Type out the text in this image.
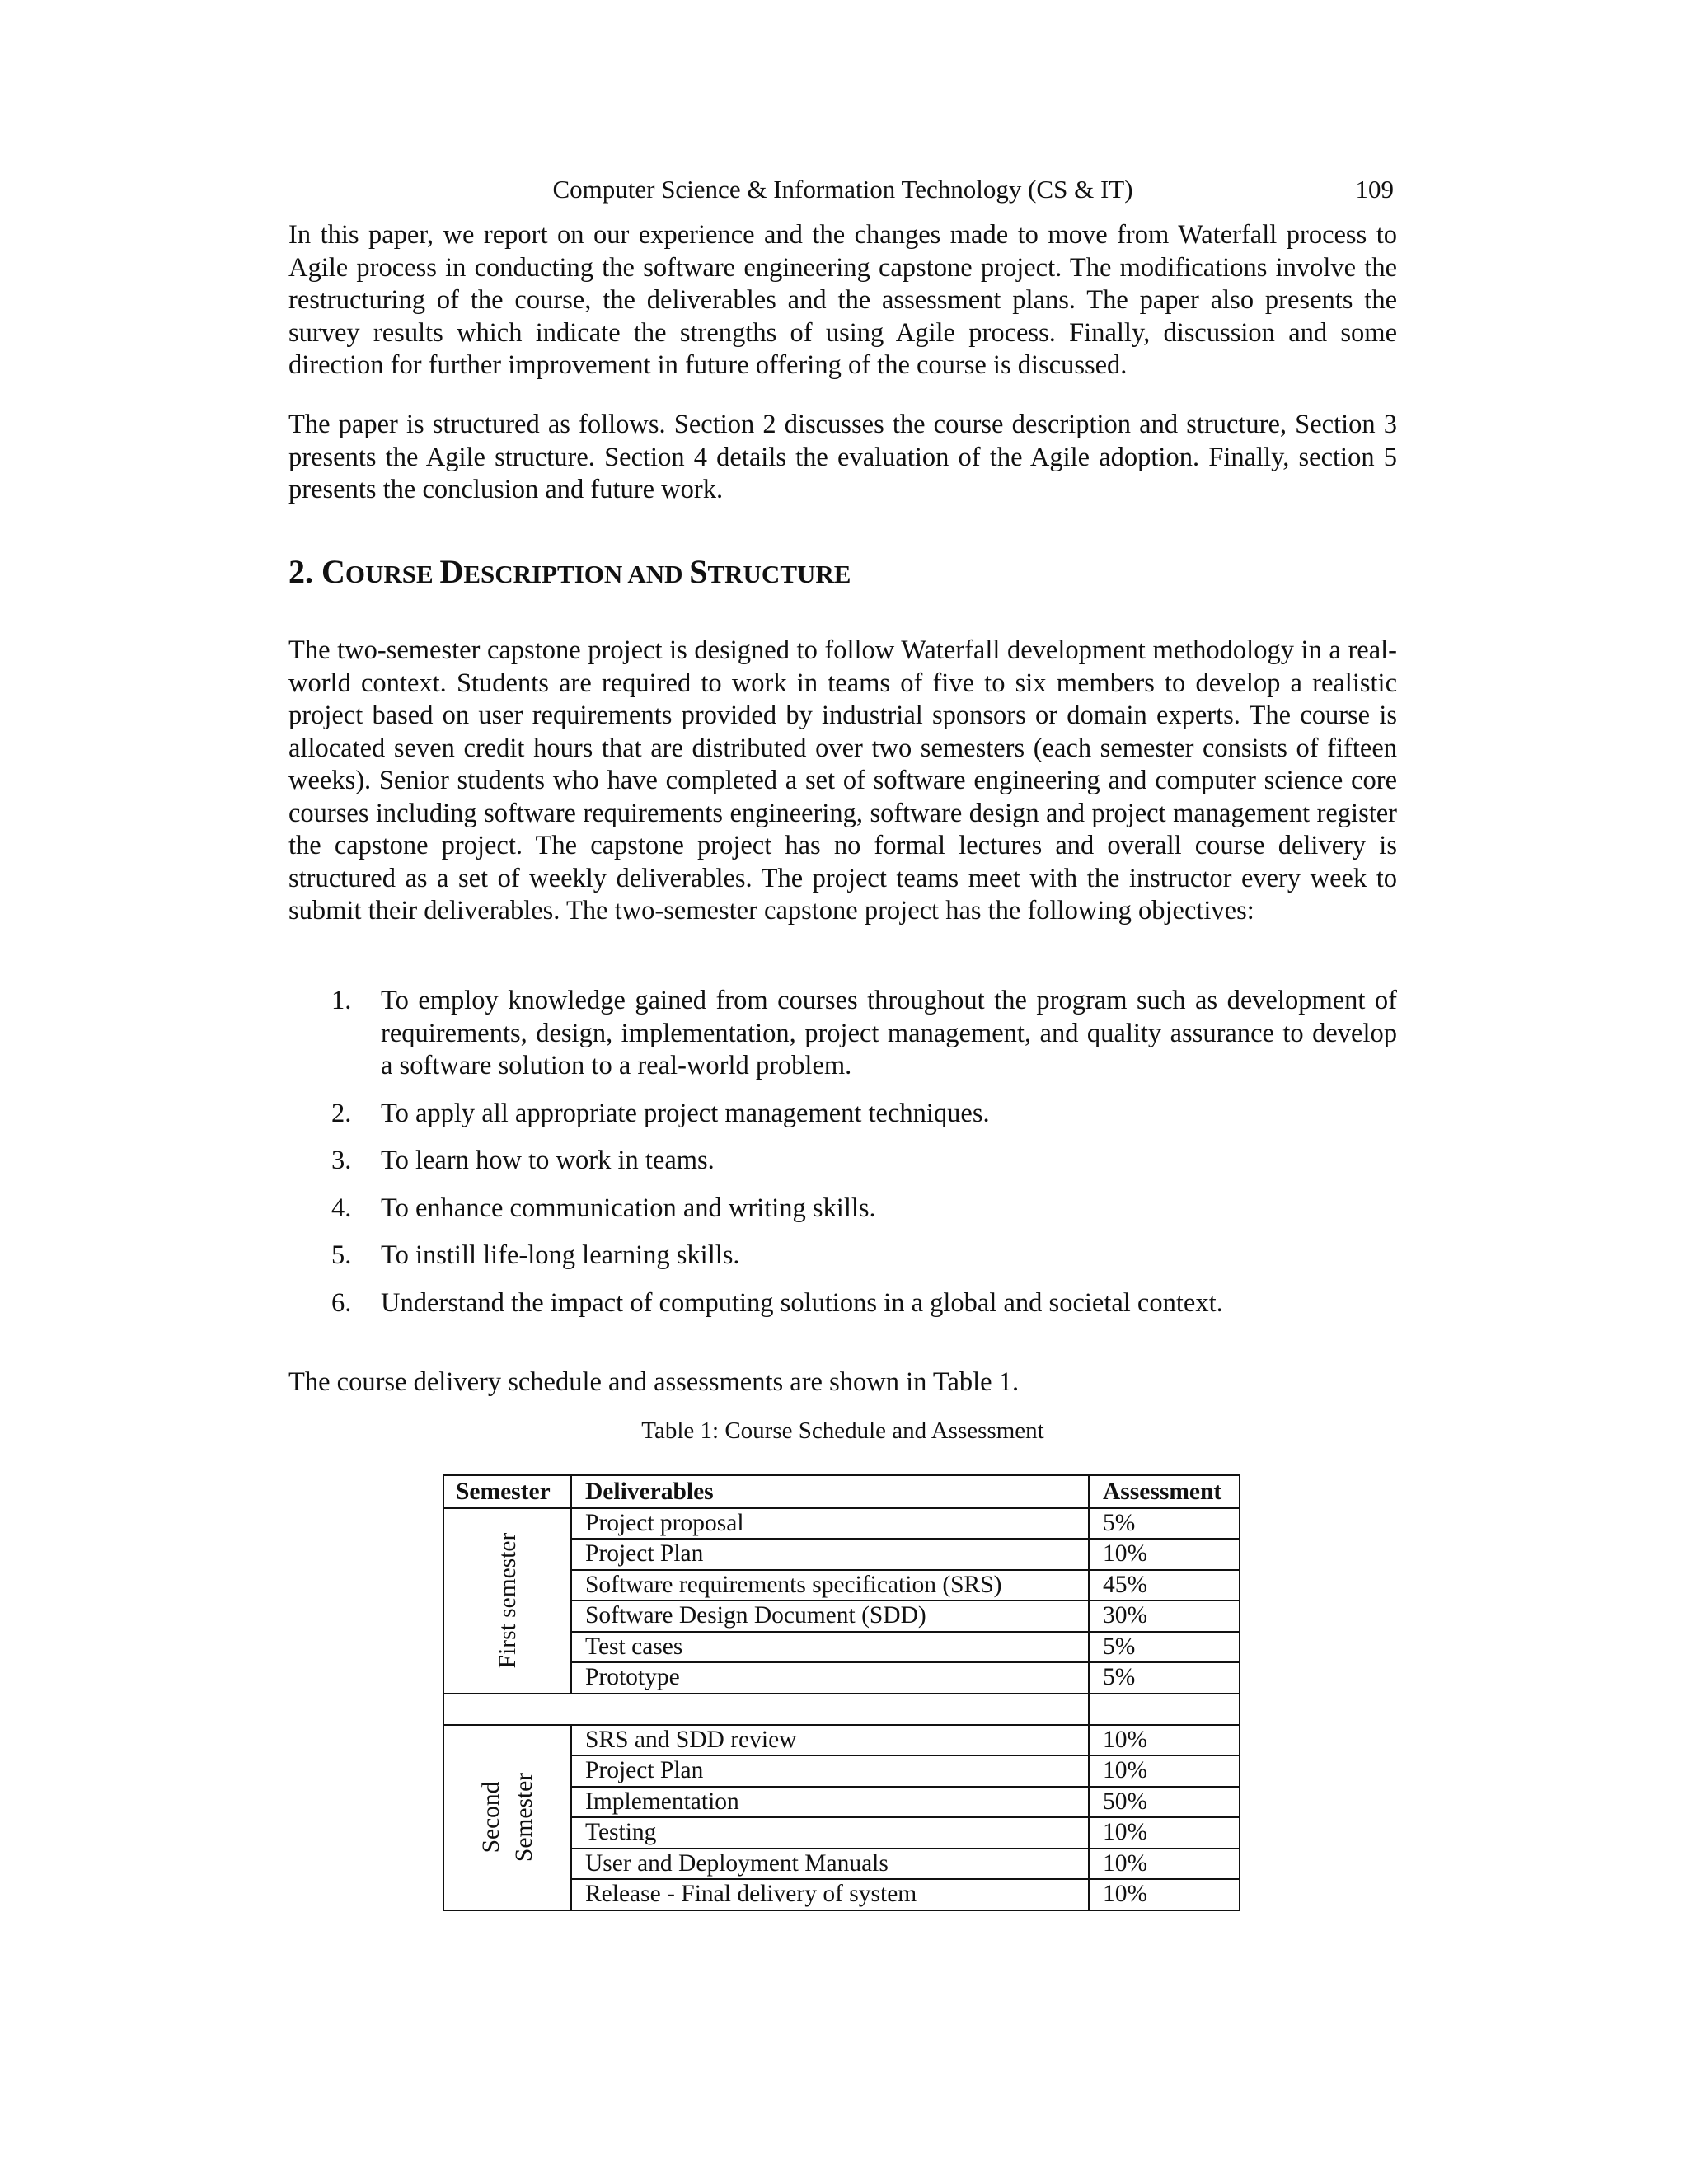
Computer Science & Information Technology (CS & IT)	109

In this paper, we report on our experience and the changes made to move from Waterfall process to Agile process in conducting the software engineering capstone project. The modifications involve the restructuring of the course, the deliverables and the assessment plans. The paper also presents the survey results which indicate the strengths of using Agile process. Finally, discussion and some direction for further improvement in future offering of the course is discussed.

The paper is structured as follows. Section 2 discusses the course description and structure, Section 3 presents the Agile structure. Section 4 details the evaluation of the Agile adoption. Finally, section 5 presents the conclusion and future work.

2. COURSE DESCRIPTION AND STRUCTURE

The two-semester capstone project is designed to follow Waterfall development methodology in a real-world context. Students are required to work in teams of five to six members to develop a realistic project based on user requirements provided by industrial sponsors or domain experts. The course is allocated seven credit hours that are distributed over two semesters (each semester consists of fifteen weeks). Senior students who have completed a set of software engineering and computer science core courses including software requirements engineering, software design and project management register the capstone project. The capstone project has no formal lectures and overall course delivery is structured as a set of weekly deliverables. The project teams meet with the instructor every week to submit their deliverables. The two-semester capstone project has the following objectives:

1. To employ knowledge gained from courses throughout the program such as development of requirements, design, implementation, project management, and quality assurance to develop a software solution to a real-world problem.
2. To apply all appropriate project management techniques.
3. To learn how to work in teams.
4. To enhance communication and writing skills.
5. To instill life-long learning skills.
6. Understand the impact of computing solutions in a global and societal context.

The course delivery schedule and assessments are shown in Table 1.

Table 1: Course Schedule and Assessment
Semester	Deliverables	Assessment

First semester	Project proposal	5%
	Project Plan	10%
	Software requirements specification (SRS)	45%
	Software Design Document (SDD)	30%
	Test cases	5%
	Prototype	5%

Second Semester	SRS and SDD review	10%
	Project Plan	10%
	Implementation	50%
	Testing	10%
	User and Deployment Manuals	10%
	Release - Final delivery of system	10%
